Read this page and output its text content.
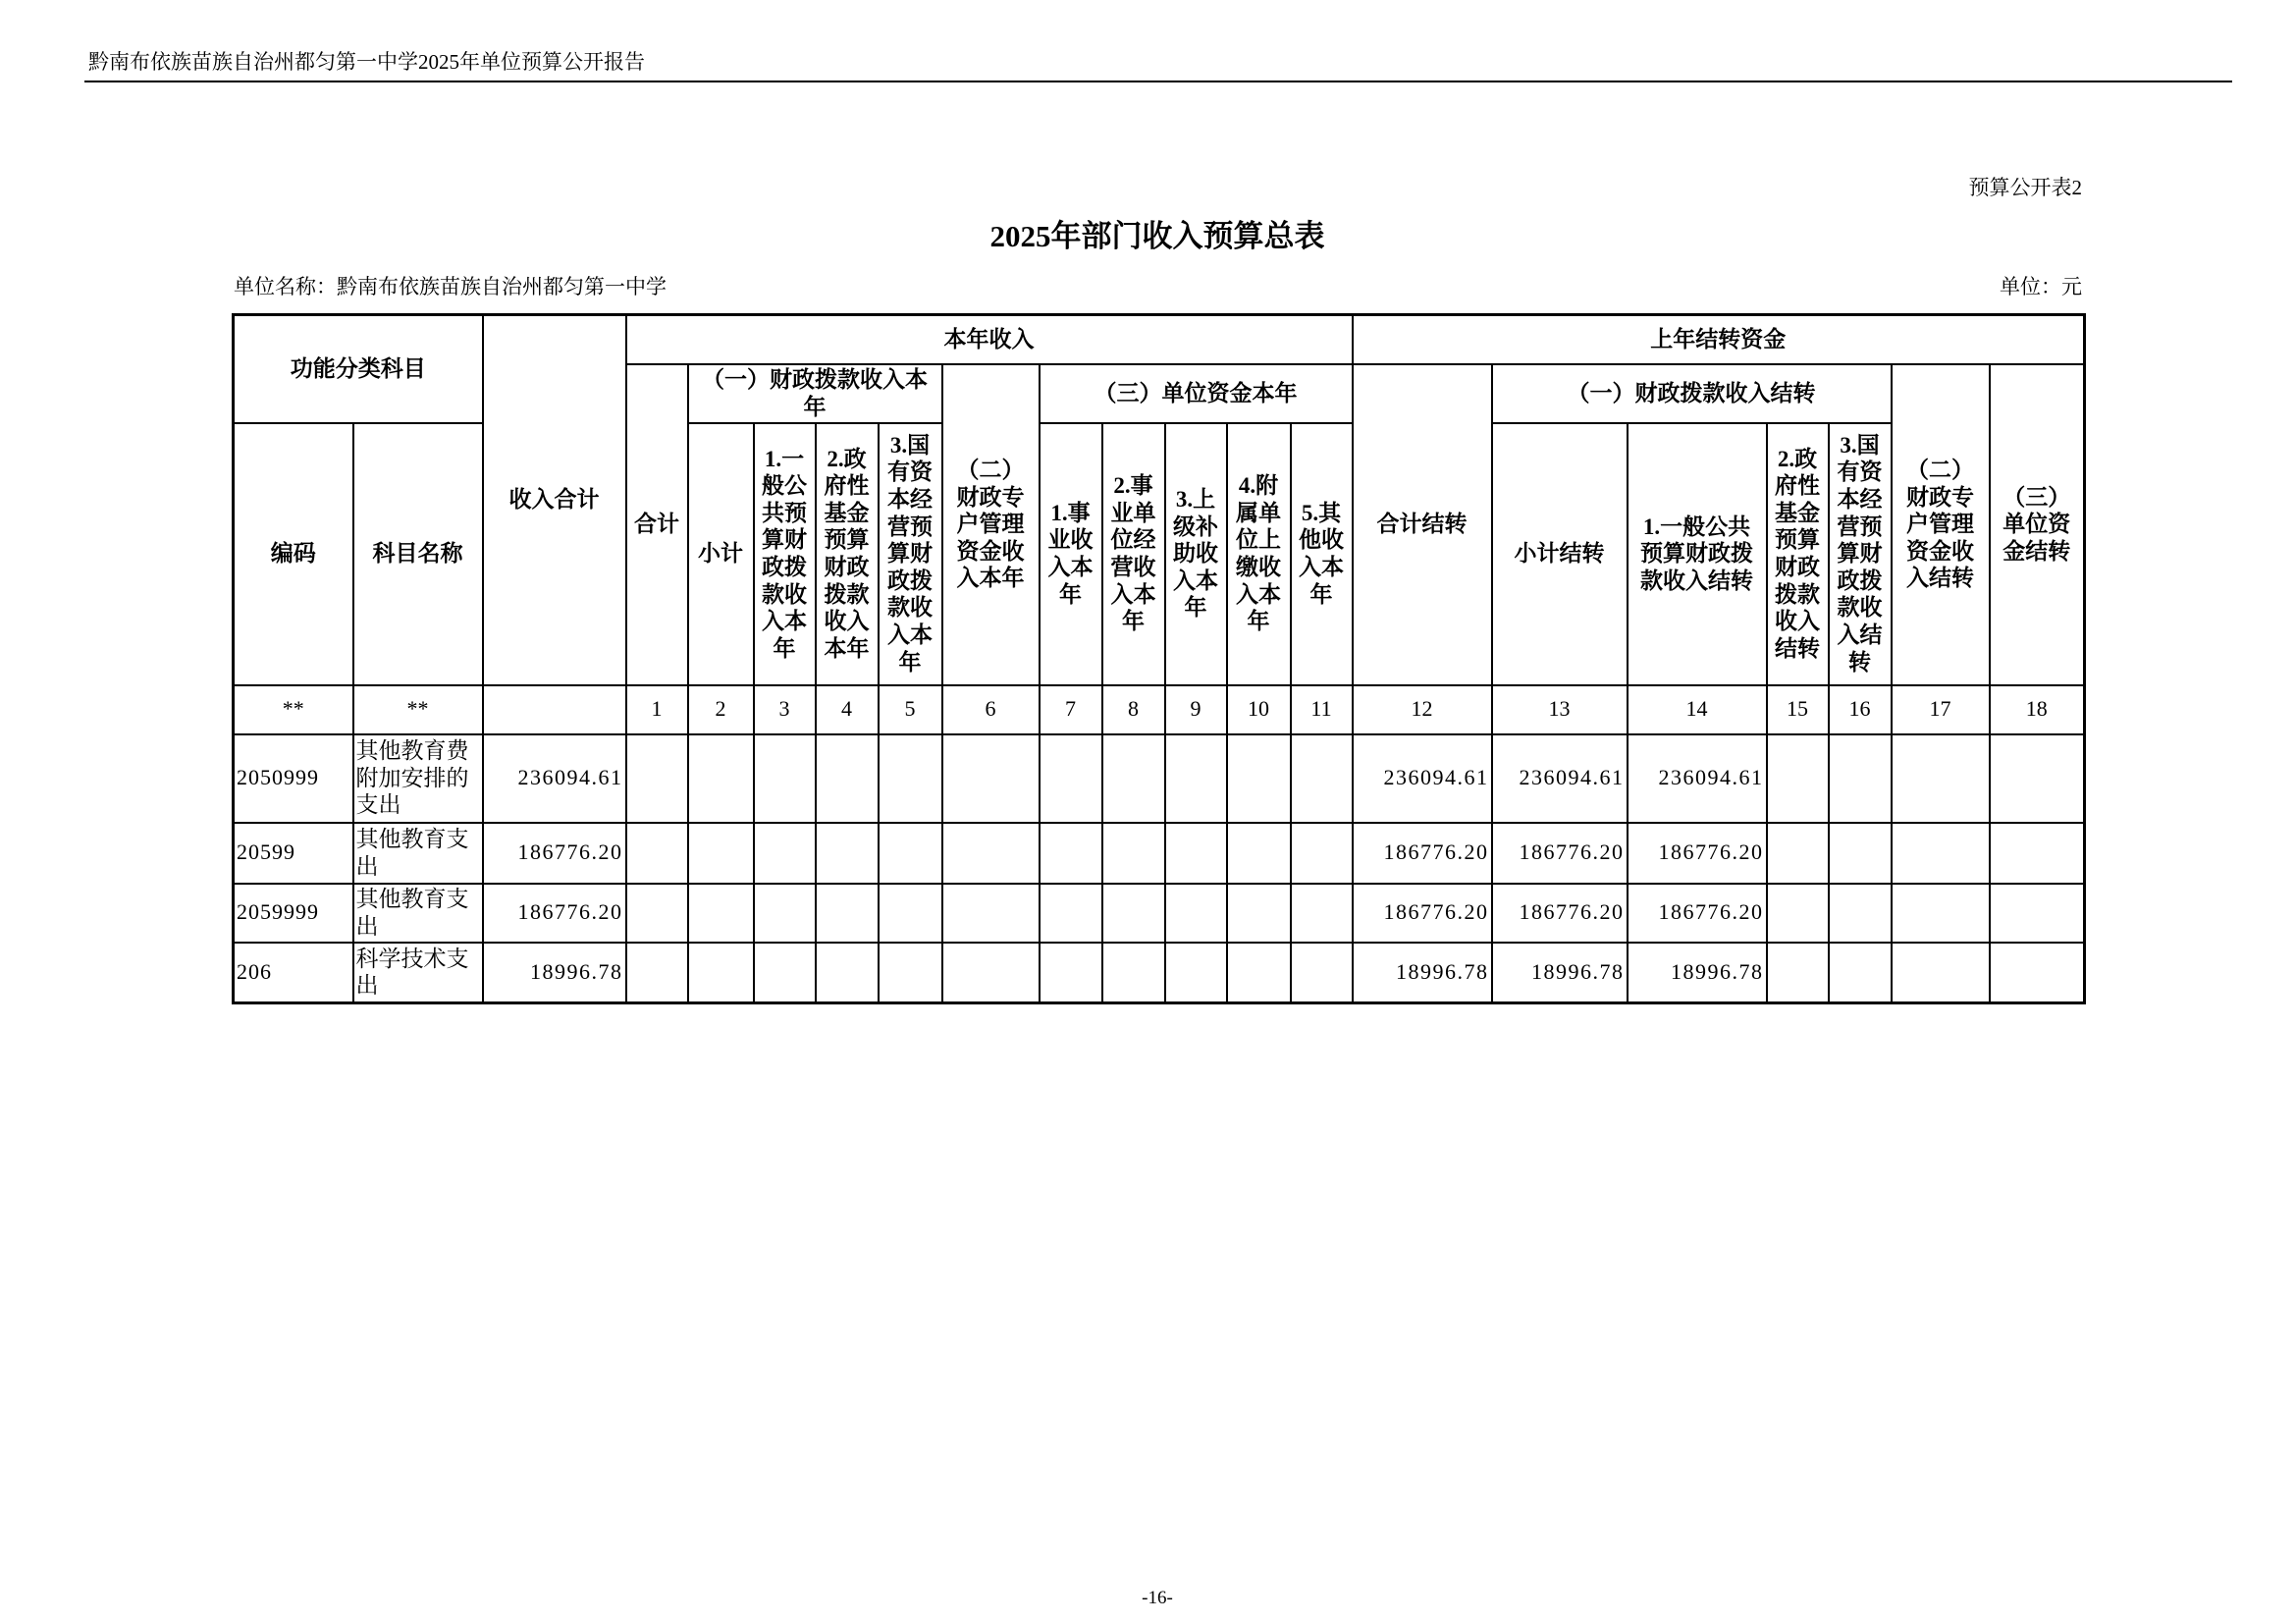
黔南布依族苗族自治州都匀第一中学2025年单位预算公开报告
预算公开表2
2025年部门收入预算总表
单位名称：黔南布依族苗族自治州都匀第一中学	单位：元
功能分类科目		收入合计	本年收入											上年结转资金						
			合计	（一）财政拨款收入本年				（二）财政专户管理资金收入本年	（三）单位资金本年					合计结转	（一）财政拨款收入结转				（二）财政专户管理资金收入结转	（三）单位资金结转
编码	科目名称			小计	1.一般公共预算财政拨款收入本年	2.政府性基金预算财政拨款收入本年	3.国有资本经营预算财政拨款收入本年		1.事业收入本年	2.事业单位经营收入本年	3.上级补助收入本年	4.附属单位上缴收入本年	5.其他收入本年		小计结转	1.一般公共预算财政拨款收入结转	2.政府性基金预算财政拨款收入结转	3.国有资本经营预算财政拨款收入结转		
**	**		1	2	3	4	5	6	7	8	9	10	11	12	13	14	15	16	17	18
2050999	其他教育费附加安排的支出	236094.61												236094.61	236094.61	236094.61				
20599	其他教育支出	186776.20												186776.20	186776.20	186776.20				
2059999	其他教育支出	186776.20												186776.20	186776.20	186776.20				
206	科学技术支出	18996.78												18996.78	18996.78	18996.78				
-16-
